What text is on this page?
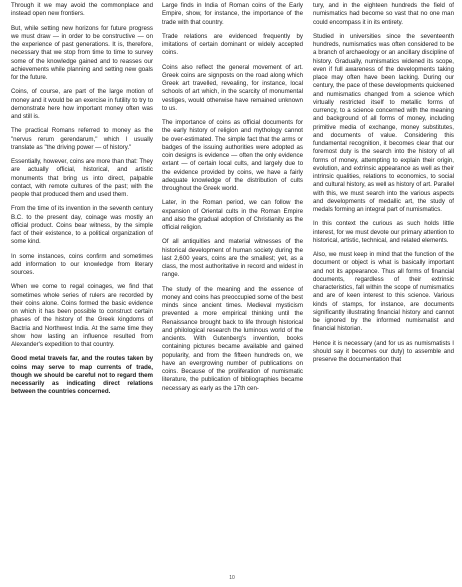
Through it we may avoid the commonplace and instead open new frontiers.

But, while setting new horizons for future progress we must draw — in order to be constructive — on the experience of past generations. It is, therefore, necessary that we stop from time to time to survey some of the knowledge gained and to reasses our achievements while planning and setting new goals for the future.

Coins, of course, are part of the large motion of money and it would be an exercise in futility to try to demonstrate here how important money often was and still is.

The practical Romans referred to money as the "nervus rerum gerendarum," which I usually translate as "the driving power — of history."

Essentially, however, coins are more than that: They are actually official, historical, and artistic monuments that bring us into direct, palpable contact, with remote cultures of the past; with the people that produced them and used them.

From the time of its invention in the seventh century B.C. to the present day, coinage was mostly an official product. Coins bear witness, by the simple fact of their existence, to a political organization of some kind.

In some instances, coins confirm and sometimes add information to our knowledge from literary sources.

When we come to regal coinages, we find that sometimes whole series of rulers are recorded by their coins alone. Coins formed the basic evidence on which it has been possible to construct certain phases of the history of the Greek kingdoms of Bactria and Northwest India. At the same time they show how lasting an influence resulted from Alexander's expedition to that country.

Good metal travels far, and the routes taken by coins may serve to map currents of trade, though we should be careful not to regard them necessarily as indicating direct relations between the countries concerned.

Large finds in India of Roman coins of the Early Empire, show, for instance, the importance of the trade with that country.

Trade relations are evidenced frequently by imitations of certain dominant or widely accepted coins.

Coins also reflect the general movement of art. Greek coins are signposts on the road along which Greek art travelled, revealing, for instance, local schools of art which, in the scarcity of monumental vestiges, would otherwise have remained unknown to us.

The importance of coins as official documents for the early history of religion and mythology cannot be over-estimated. The simple fact that the arms or badges of the issuing authorities were adopted as coin designs is evidence — often the only evidence extant — of certain local cults, and largely due to the evidence provided by coins, we have a fairly adequate knowledge of the distribution of cults throughout the Greek world.

Later, in the Roman period, we can follow the expansion of Oriental cults in the Roman Empire and also the gradual adoption of Christianity as the official religion.

Of all antiquities and material witnesses of the historical development of human society during the last 2,600 years, coins are the smallest; yet, as a class, the most authoritative in record and widest in range.

The study of the meaning and the essence of money and coins has preoccupied some of the best minds since ancient times. Medieval mysticism prevented a more empirical thinking until the Renaissance brought back to life through historical and philological research the luminous world of the ancients. With Gutenberg's invention, books containing pictures became available and gained popularity, and from the fifteen hundreds on, we have an evergrowing number of publications on coins. Because of the proliferation of numismatic literature, the publication of bibliographies became necessary as early as the 17th cen-

tury, and in the eighteen hundreds the field of numismatics had become so vast that no one man could encompass it in its entirety.

Studied in universities since the seventeenth hundreds, numismatics was often considered to be a branch of archaeology or an ancillary discipline of history. Gradually, numismatics widened its scope, even if full awareness of the developments taking place may often have been lacking. During our century, the pace of these developments quickened and numismatics changed from a science which virtually restricted itself to metallic forms of currency, to a science concerned with the meaning and background of all forms of money, including primitive media of exchange, money substitutes, and documents of value. Considering this fundamental recognition, it becomes clear that our foremost duty is the search into the history of all forms of money, attempting to explain their origin, evolution, and extrinsic appearance as well as their intrinsic qualities, relations to economics, to social and cultural history, as well as history of art. Parallel with this, we must search into the various aspects and developments of medallic art, the study of medals forming an integral part of numismatics.

In this context the curious as such holds little interest, for we must devote our primary attention to historical, artistic, technical, and related elements.

Also, we must keep in mind that the function of the document or object is what is basically important and not its appearance. Thus all forms of financial documents, regardless of their extrinsic characteristics, fall within the scope of numismatics and are of keen interest to this science. Various kinds of stamps, for instance, are documents significantly illustrating financial history and cannot be ignored by the informed numismatist and financial historian.

Hence it is necessary (and for us as numismatists I should say it becomes our duty) to assemble and preserve the documentation that

10
